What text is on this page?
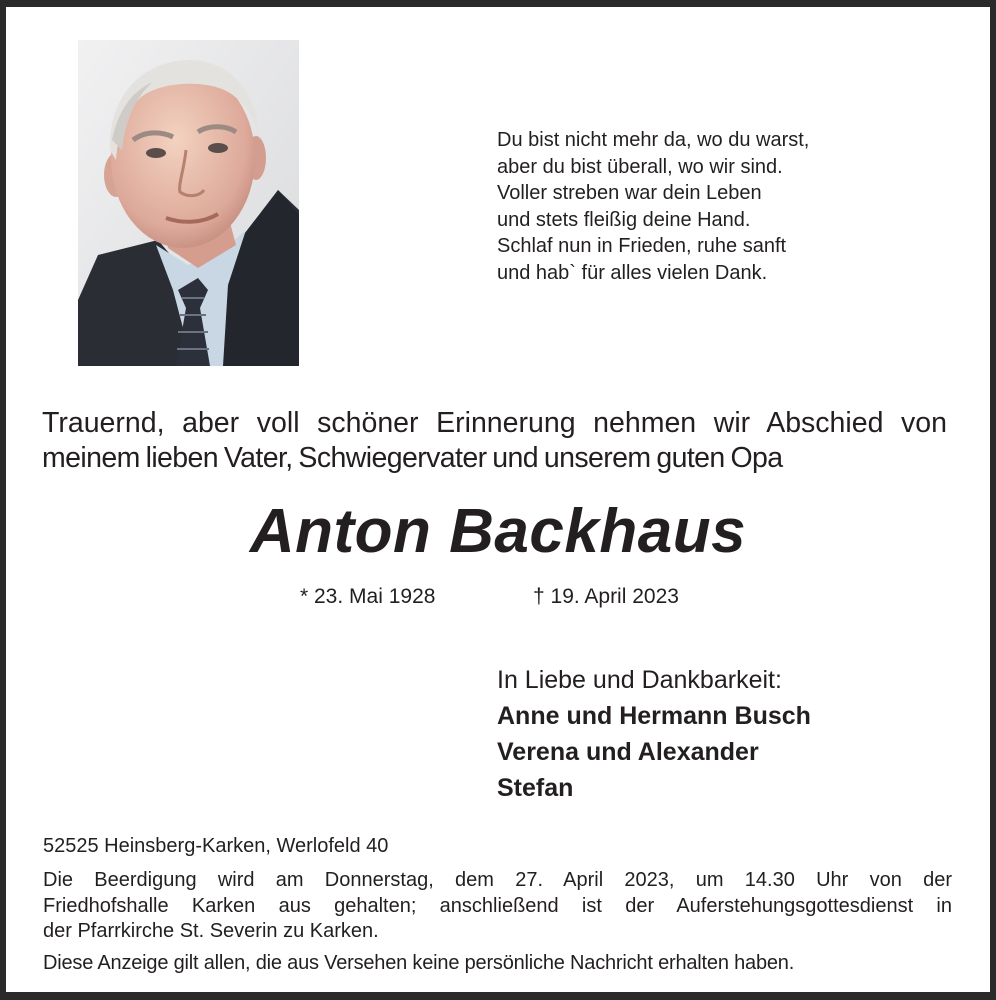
Du bist nicht mehr da, wo du warst,
aber du bist überall, wo wir sind.
Voller streben war dein Leben
und stets fleißig deine Hand.
Schlaf nun in Frieden, ruhe sanft
und hab` für alles vielen Dank.
Trauernd, aber voll schöner Erinnerung nehmen wir Abschied von
meinem lieben Vater, Schwiegervater und unserem guten Opa
Anton Backhaus
* 23. Mai 1928	† 19. April 2023
In Liebe und Dankbarkeit:
Anne und Hermann Busch
Verena und Alexander
Stefan
52525 Heinsberg-Karken, Werlofeld 40
Die Beerdigung wird am Donnerstag, dem 27. April 2023, um 14.30 Uhr von der
Friedhofshalle Karken aus gehalten; anschließend ist der Auferstehungsgottesdienst in
der Pfarrkirche St. Severin zu Karken.
Diese Anzeige gilt allen, die aus Versehen keine persönliche Nachricht erhalten haben.
